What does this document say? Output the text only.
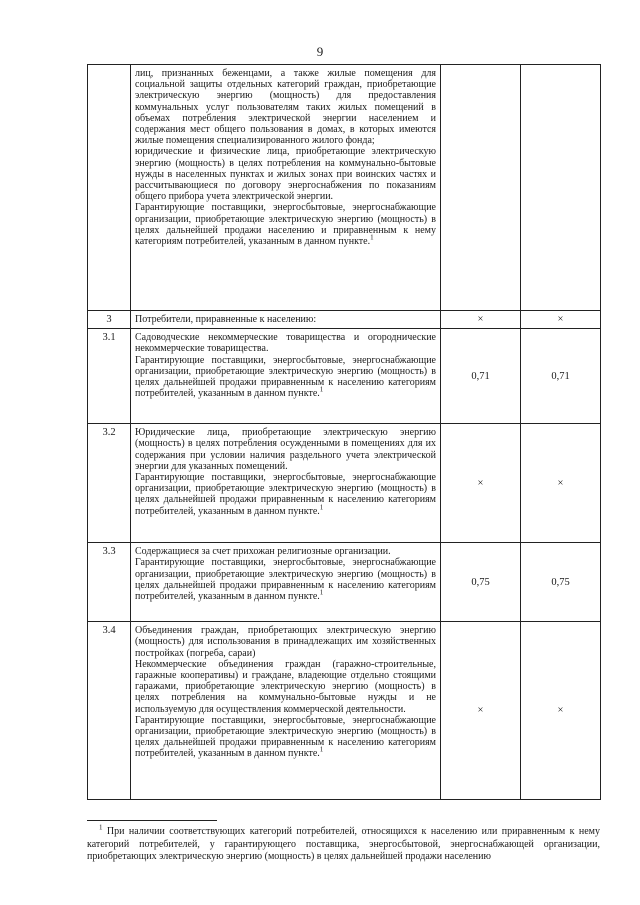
9

	лиц, признанных беженцами, а также жилые помещения для социальной защиты отдельных категорий граждан, приобретающие электрическую энергию (мощность) для предоставления коммунальных услуг пользователям таких жилых помещений в объемах потребления электрической энергии населением и содержания мест общего пользования в домах, в которых имеются жилые помещения специализированного жилого фонда;
юридические и физические лица, приобретающие электрическую энергию (мощность) в целях потребления на коммунально-бытовые нужды в населенных пунктах и жилых зонах при воинских частях и рассчитывающиеся по договору энергоснабжения по показаниям общего прибора учета электрической энергии.
Гарантирующие поставщики, энергосбытовые, энергоснабжающие организации, приобретающие электрическую энергию (мощность) в целях дальнейшей продажи населению и приравненным к нему категориям потребителей, указанным в данном пункте.$^1$

3	Потребители, приравненные к населению:	×	×
3.1	Садоводческие некоммерческие товарищества и огороднические некоммерческие товарищества.
Гарантирующие поставщики, энергосбытовые, энергоснабжающие организации, приобретающие электрическую энергию (мощность) в целях дальнейшей продажи приравненным к населению категориям потребителей, указанным в данном пункте.$^1$	0,71	0,71
3.2	Юридические лица, приобретающие электрическую энергию (мощность) в целях потребления осужденными в помещениях для их содержания при условии наличия раздельного учета электрической энергии для указанных помещений.
Гарантирующие поставщики, энергосбытовые, энергоснабжающие организации, приобретающие электрическую энергию (мощность) в целях дальнейшей продажи приравненным к населению категориям потребителей, указанным в данном пункте.$^1$	×	×
3.3	Содержащиеся за счет прихожан религиозные организации.
Гарантирующие поставщики, энергосбытовые, энергоснабжающие организации, приобретающие электрическую энергию (мощность) в целях дальнейшей продажи приравненным к населению категориям потребителей, указанным в данном пункте.$^1$	0,75	0,75
3.4	Объединения граждан, приобретающих электрическую энергию (мощность) для использования в принадлежащих им хозяйственных постройках (погреба, сараи)
Некоммерческие объединения граждан (гаражно-строительные, гаражные кооперативы) и граждане, владеющие отдельно стоящими гаражами, приобретающие электрическую энергию (мощность) в целях потребления на коммунально-бытовые нужды и не используемую для осуществления коммерческой деятельности.
Гарантирующие поставщики, энергосбытовые, энергоснабжающие организации, приобретающие электрическую энергию (мощность) в целях дальнейшей продажи приравненным к населению категориям потребителей, указанным в данном пункте.$^1$	×	×
$^1$ При наличии соответствующих категорий потребителей, относящихся к населению или приравненным к нему категорий потребителей, у гарантирующего поставщика, энергосбытовой, энергоснабжающей организации, приобретающих электрическую энергию (мощность) в целях дальнейшей продажи населению
